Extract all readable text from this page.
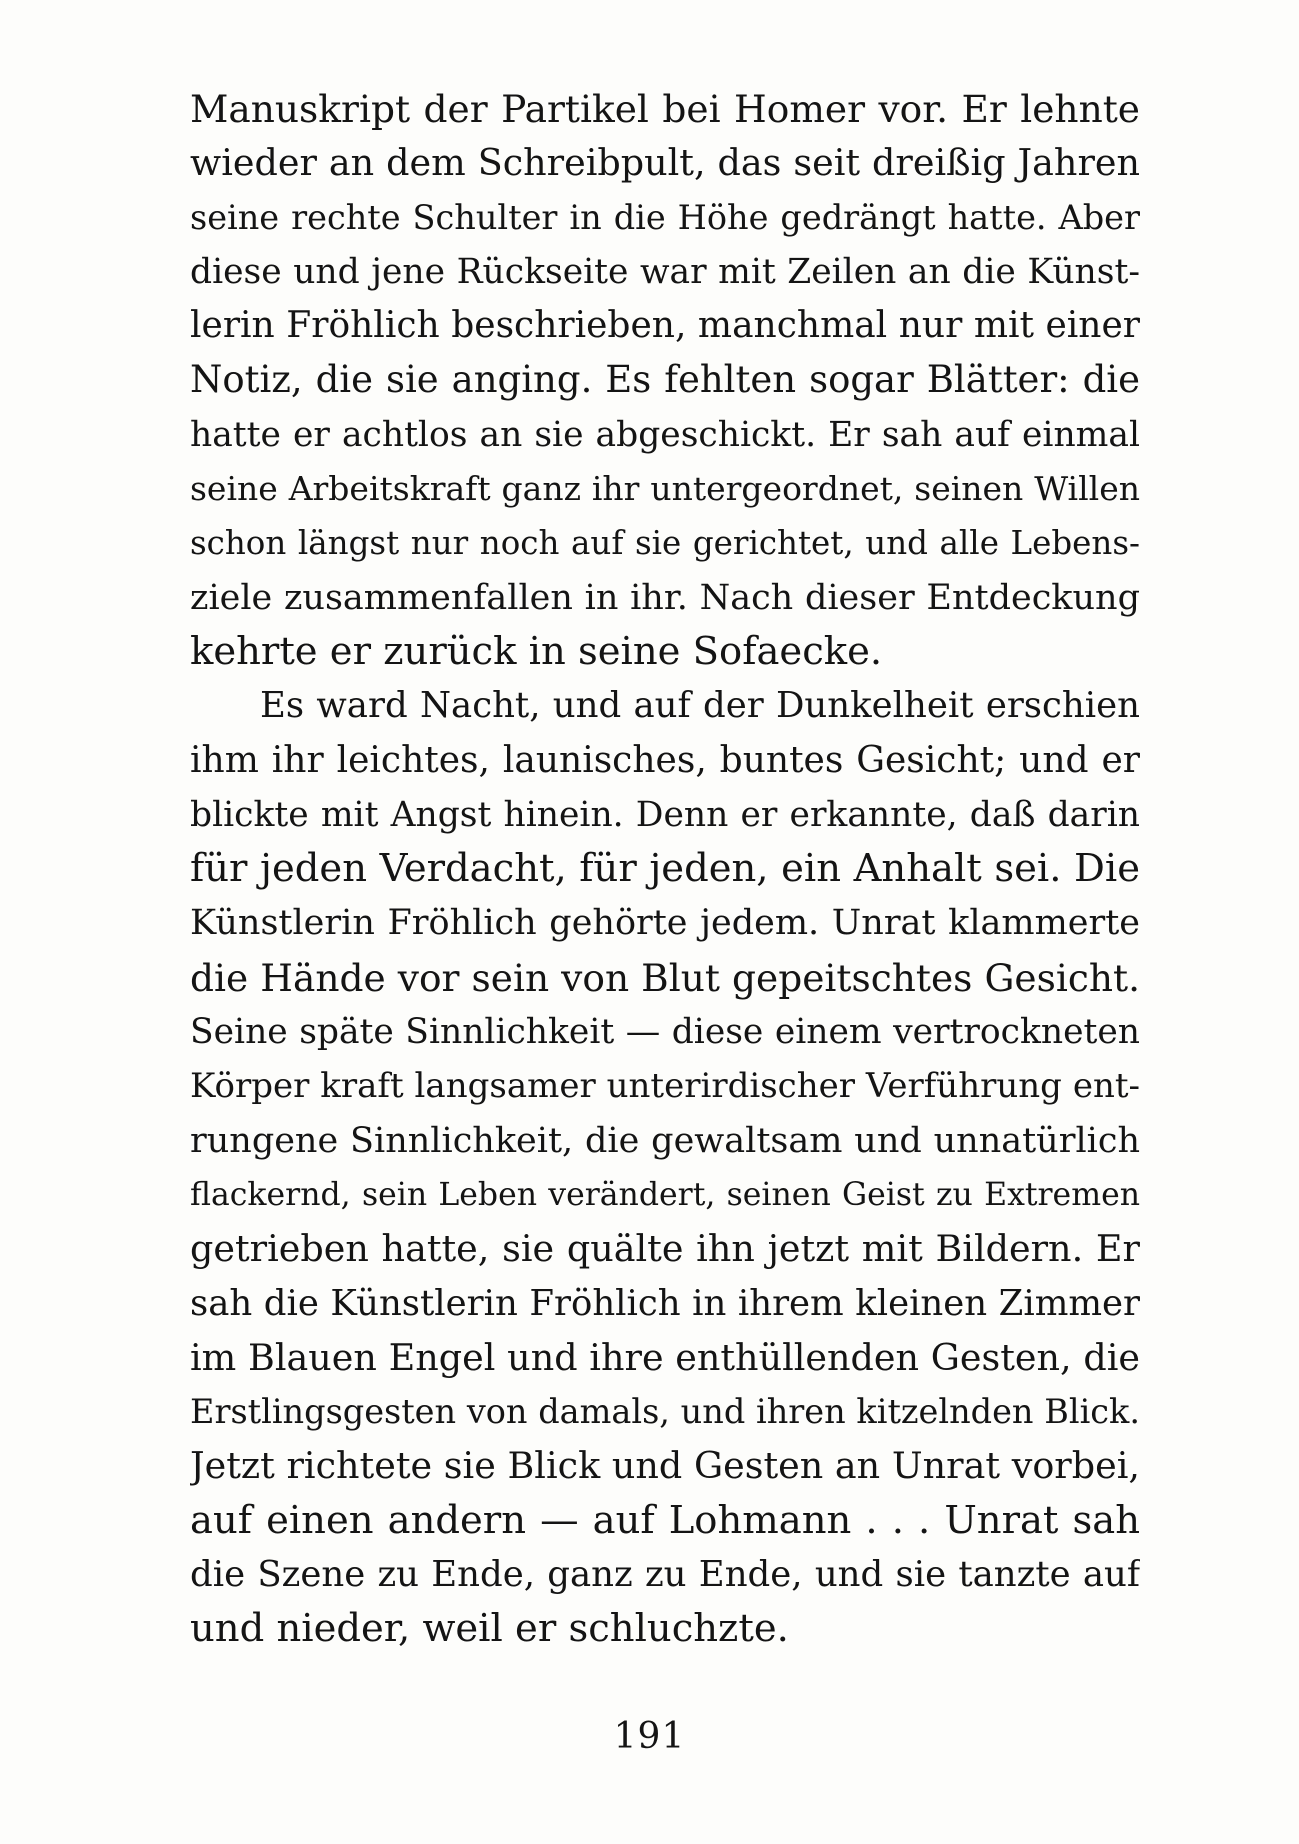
Manuskript der Partikel bei Homer vor. Er lehnte
wieder an dem Schreibpult, das seit dreißig Jahren
seine rechte Schulter in die Höhe gedrängt hatte. Aber
diese und jene Rückseite war mit Zeilen an die Künst-
lerin Fröhlich beschrieben, manchmal nur mit einer
Notiz, die sie anging. Es fehlten sogar Blätter: die
hatte er achtlos an sie abgeschickt. Er sah auf einmal
seine Arbeitskraft ganz ihr untergeordnet, seinen Willen
schon längst nur noch auf sie gerichtet, und alle Lebens-
ziele zusammenfallen in ihr. Nach dieser Entdeckung
kehrte er zurück in seine Sofaecke.
Es ward Nacht, und auf der Dunkelheit erschien
ihm ihr leichtes, launisches, buntes Gesicht; und er
blickte mit Angst hinein. Denn er erkannte, daß darin
für jeden Verdacht, für jeden, ein Anhalt sei. Die
Künstlerin Fröhlich gehörte jedem. Unrat klammerte
die Hände vor sein von Blut gepeitschtes Gesicht.
Seine späte Sinnlichkeit — diese einem vertrockneten
Körper kraft langsamer unterirdischer Verführung ent-
rungene Sinnlichkeit, die gewaltsam und unnatürlich
flackernd, sein Leben verändert, seinen Geist zu Extremen
getrieben hatte, sie quälte ihn jetzt mit Bildern. Er
sah die Künstlerin Fröhlich in ihrem kleinen Zimmer
im Blauen Engel und ihre enthüllenden Gesten, die
Erstlingsgesten von damals, und ihren kitzelnden Blick.
Jetzt richtete sie Blick und Gesten an Unrat vorbei,
auf einen andern — auf Lohmann . . . Unrat sah
die Szene zu Ende, ganz zu Ende, und sie tanzte auf
und nieder, weil er schluchzte.
191
